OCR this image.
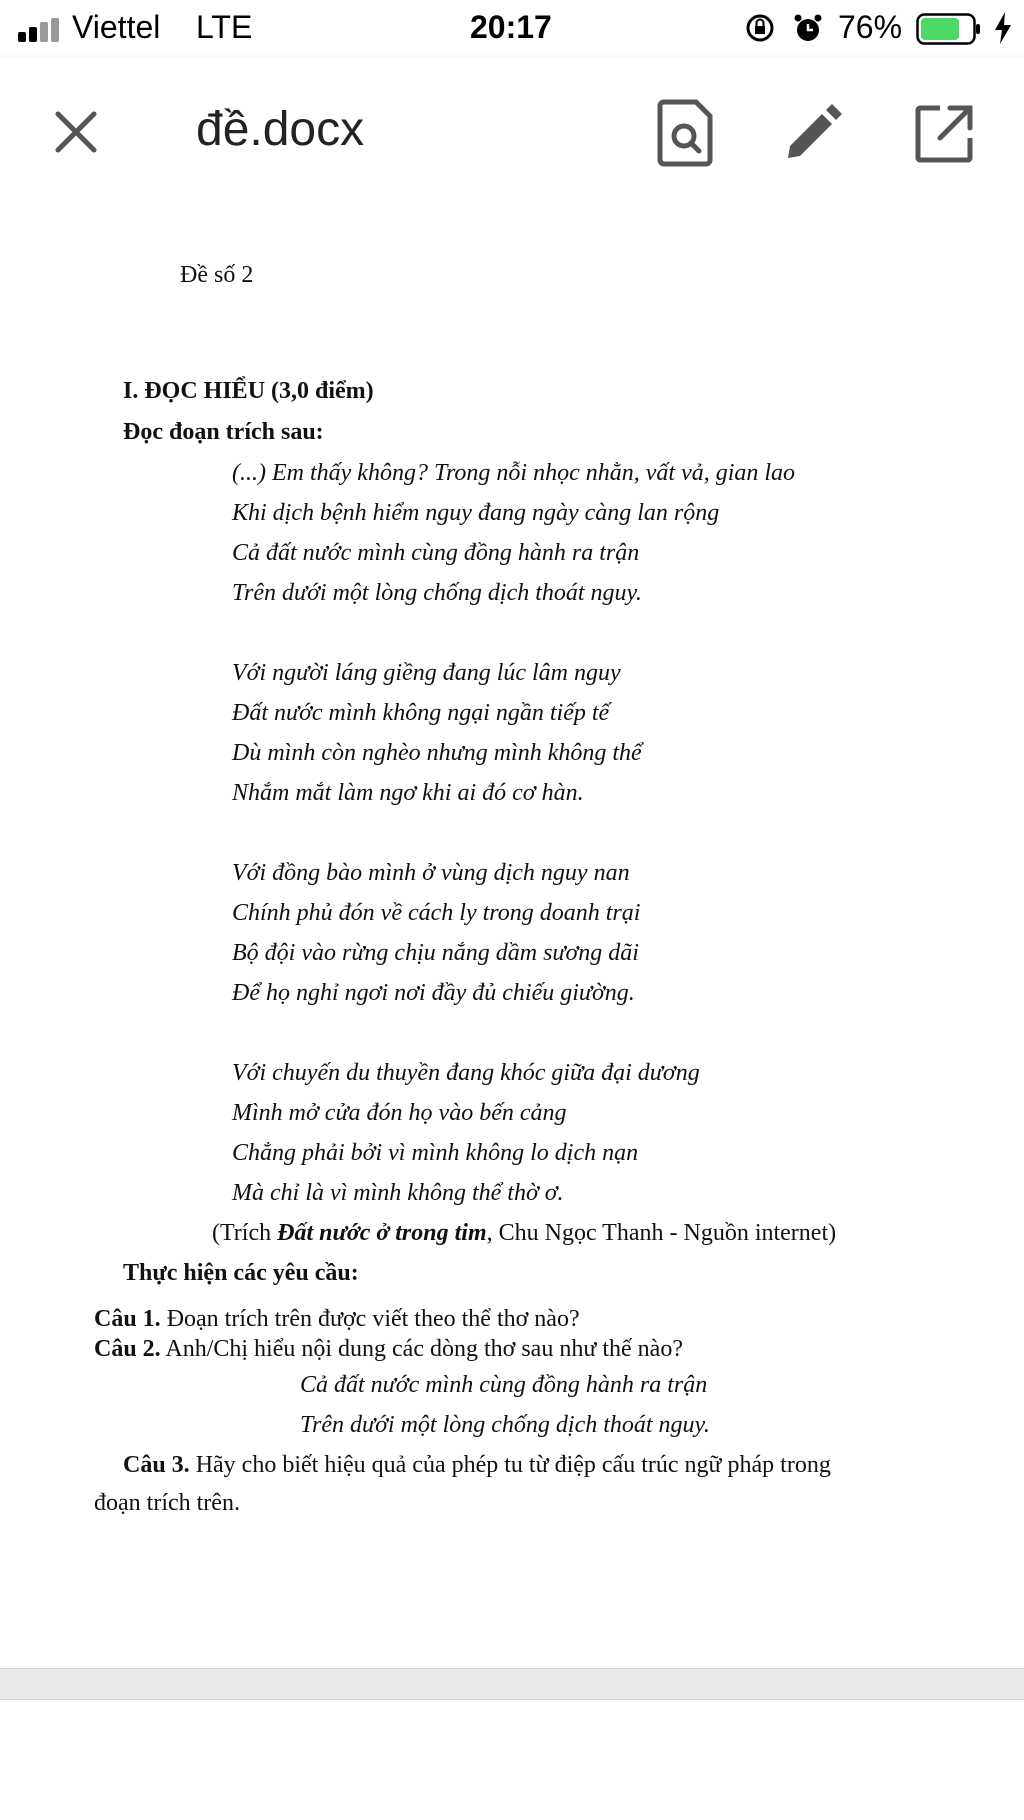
Viettel LTE	20:17	76%
đề.docx
Đề số 2
I. ĐỌC HIỂU (3,0 điểm)
Đọc đoạn trích sau:
(...) Em thấy không? Trong nỗi nhọc nhằn, vất vả, gian lao
Khi dịch bệnh hiểm nguy đang ngày càng lan rộng
Cả đất nước mình cùng đồng hành ra trận
Trên dưới một lòng chống dịch thoát nguy.
Với người láng giềng đang lúc lâm nguy
Đất nước mình không ngại ngần tiếp tế
Dù mình còn nghèo nhưng mình không thể
Nhắm mắt làm ngơ khi ai đó cơ hàn.
Với đồng bào mình ở vùng dịch nguy nan
Chính phủ đón về cách ly trong doanh trại
Bộ đội vào rừng chịu nắng dầm sương dãi
Để họ nghỉ ngơi nơi đầy đủ chiếu giường.
Với chuyến du thuyền đang khóc giữa đại dương
Mình mở cửa đón họ vào bến cảng
Chẳng phải bởi vì mình không lo dịch nạn
Mà chỉ là vì mình không thể thờ ơ.
(Trích Đất nước ở trong tim, Chu Ngọc Thanh - Nguồn internet)
Thực hiện các yêu cầu:
Câu 1. Đoạn trích trên được viết theo thể thơ nào?
Câu 2. Anh/Chị hiểu nội dung các dòng thơ sau như thế nào?
Cả đất nước mình cùng đồng hành ra trận
Trên dưới một lòng chống dịch thoát nguy.
Câu 3. Hãy cho biết hiệu quả của phép tu từ điệp cấu trúc ngữ pháp trong
đoạn trích trên.
